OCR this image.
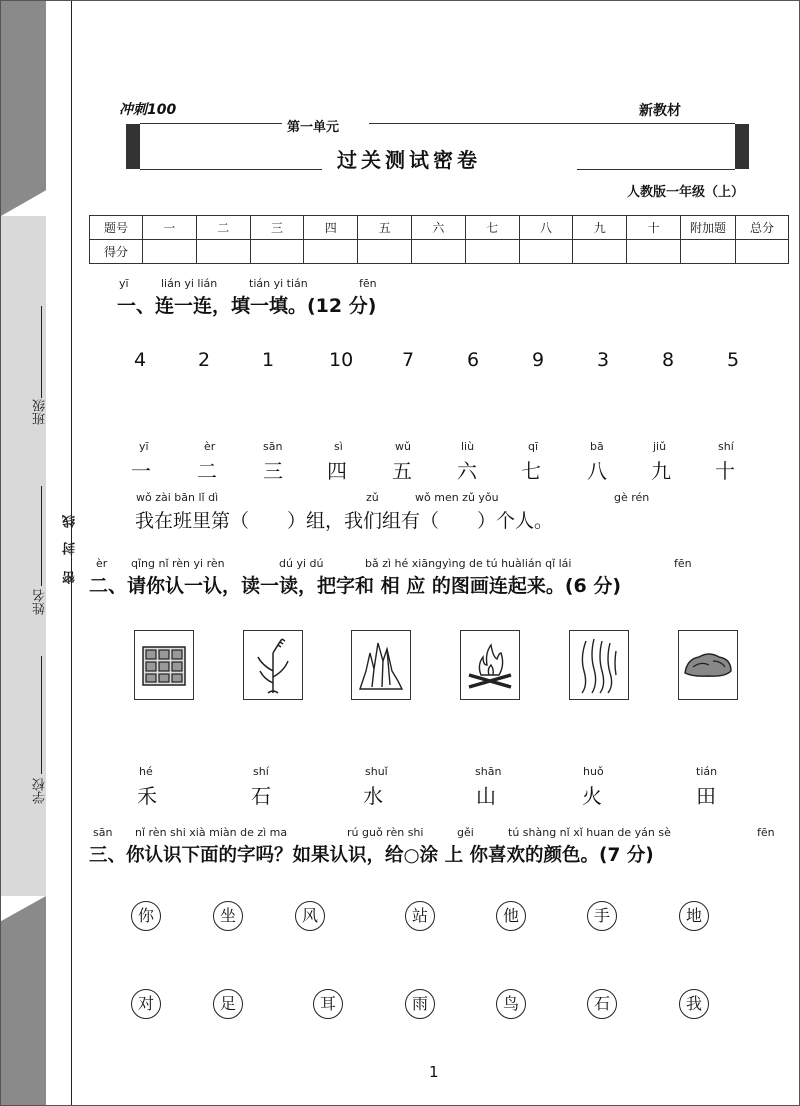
班级
姓名
线
封
密
学校
冲刺100	新教材
第一单元
过关测试密卷
人教版一年级（上）
题号	一	二	三	四	五	六	七	八	九	十	附加题	总分
得分												
yī	lián yi lián	tián yi tián	fēn
一、连一连，填一填。(12 分)
4	2	1	10	7	6	9	3	8	5
yī	èr	sān	sì	wǔ	liù	qī	bā	jiǔ	shí
一 二 三 四 五 六 七 八 九 十
wǒ zài bān lǐ dì	zǔ	wǒ men zǔ yǒu	gè rén
我在班里第（　　）组，我们组有（　　）个人。
èr qǐng nǐ rèn yi rèn	dú yi dú	bǎ zì hé xiāngyìng de tú huàlián qǐ lái	fēn
二、请你认一认，读一读，把字和 相 应 的图画连起来。(6 分)
hé	shí	shuǐ	shān	huǒ	tián
禾	石	水	山	火	田
sān nǐ rèn shi xià miàn de zì ma	rú guǒ rèn shi	gěi	tú shàng nǐ xǐ huan de yán sè	fēn
三、你认识下面的字吗？如果认识，给○涂 上 你喜欢的颜色。(7 分)
你	坐	风	站	他	手	地
对	足	耳	雨	鸟	石	我
1
